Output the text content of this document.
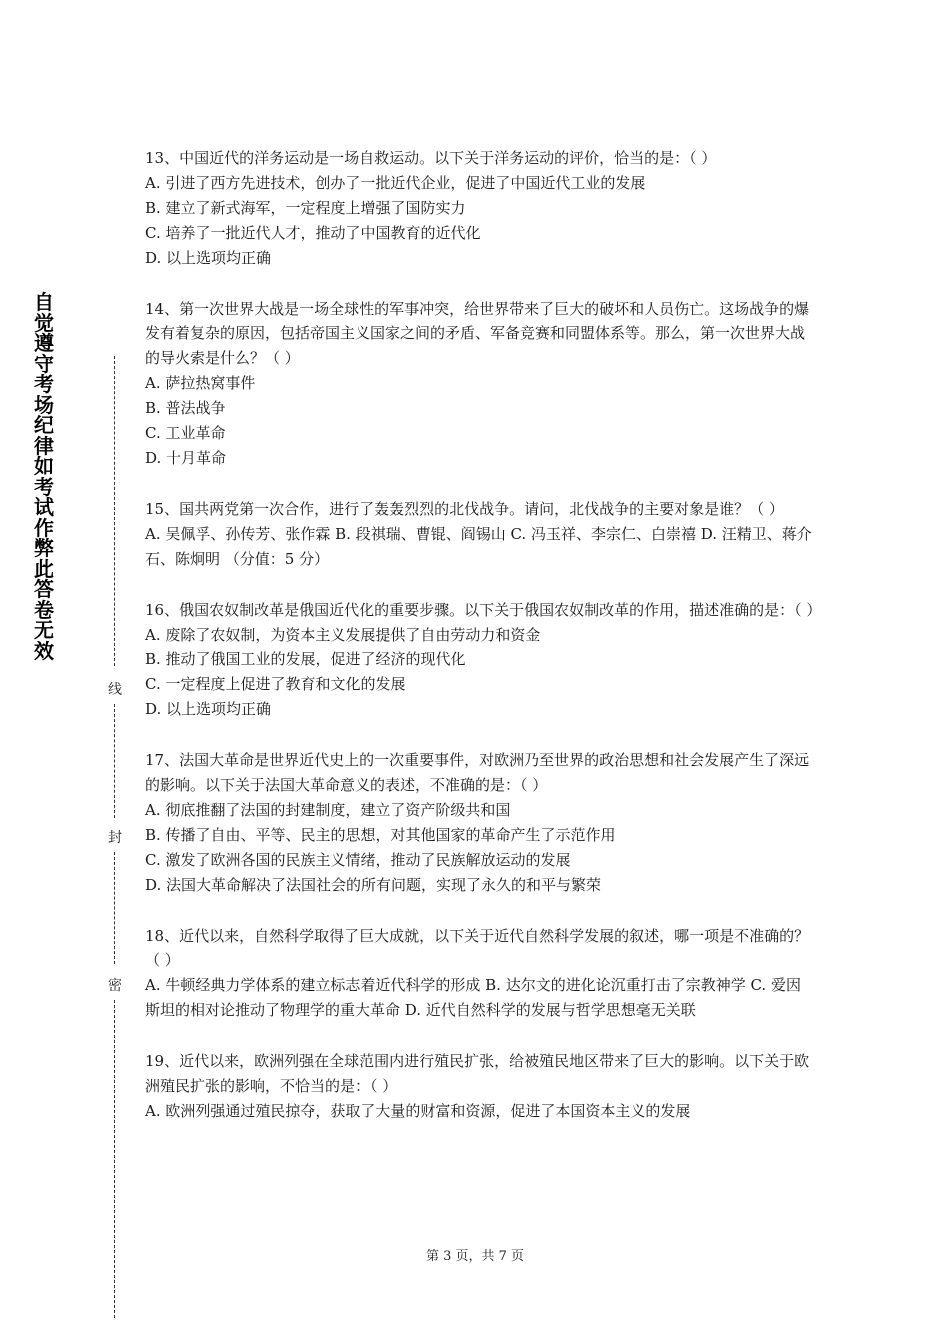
自觉遵守考场纪律如考试作弊此答卷无效
线
封
密

13、中国近代的洋务运动是一场自救运动。以下关于洋务运动的评价，恰当的是：（ ）

A. 引进了西方先进技术，创办了一批近代企业，促进了中国近代工业的发展

B. 建立了新式海军，一定程度上增强了国防实力

C. 培养了一批近代人才，推动了中国教育的近代化

D. 以上选项均正确

14、第一次世界大战是一场全球性的军事冲突，给世界带来了巨大的破坏和人员伤亡。这场战争的爆发有着复杂的原因，包括帝国主义国家之间的矛盾、军备竞赛和同盟体系等。那么，第一次世界大战的导火索是什么？（ ）

A. 萨拉热窝事件

B. 普法战争

C. 工业革命

D. 十月革命

15、国共两党第一次合作，进行了轰轰烈烈的北伐战争。请问，北伐战争的主要对象是谁？（ ）

A. 吴佩孚、孙传芳、张作霖 B. 段祺瑞、曹锟、阎锡山 C. 冯玉祥、李宗仁、白崇禧 D. 汪精卫、蒋介石、陈炯明 （分值：5 分）

16、俄国农奴制改革是俄国近代化的重要步骤。以下关于俄国农奴制改革的作用，描述准确的是：（ ）

A. 废除了农奴制，为资本主义发展提供了自由劳动力和资金

B. 推动了俄国工业的发展，促进了经济的现代化

C. 一定程度上促进了教育和文化的发展

D. 以上选项均正确

17、法国大革命是世界近代史上的一次重要事件，对欧洲乃至世界的政治思想和社会发展产生了深远的影响。以下关于法国大革命意义的表述，不准确的是：（ ）

A. 彻底推翻了法国的封建制度，建立了资产阶级共和国

B. 传播了自由、平等、民主的思想，对其他国家的革命产生了示范作用

C. 激发了欧洲各国的民族主义情绪，推动了民族解放运动的发展

D. 法国大革命解决了法国社会的所有问题，实现了永久的和平与繁荣

18、近代以来，自然科学取得了巨大成就，以下关于近代自然科学发展的叙述，哪一项是不准确的？（ ）

A. 牛顿经典力学体系的建立标志着近代科学的形成 B. 达尔文的进化论沉重打击了宗教神学 C. 爱因斯坦的相对论推动了物理学的重大革命 D. 近代自然科学的发展与哲学思想毫无关联

19、近代以来，欧洲列强在全球范围内进行殖民扩张，给被殖民地区带来了巨大的影响。以下关于欧洲殖民扩张的影响，不恰当的是：（ ）

A. 欧洲列强通过殖民掠夺，获取了大量的财富和资源，促进了本国资本主义的发展

第 3 页，共 7 页
